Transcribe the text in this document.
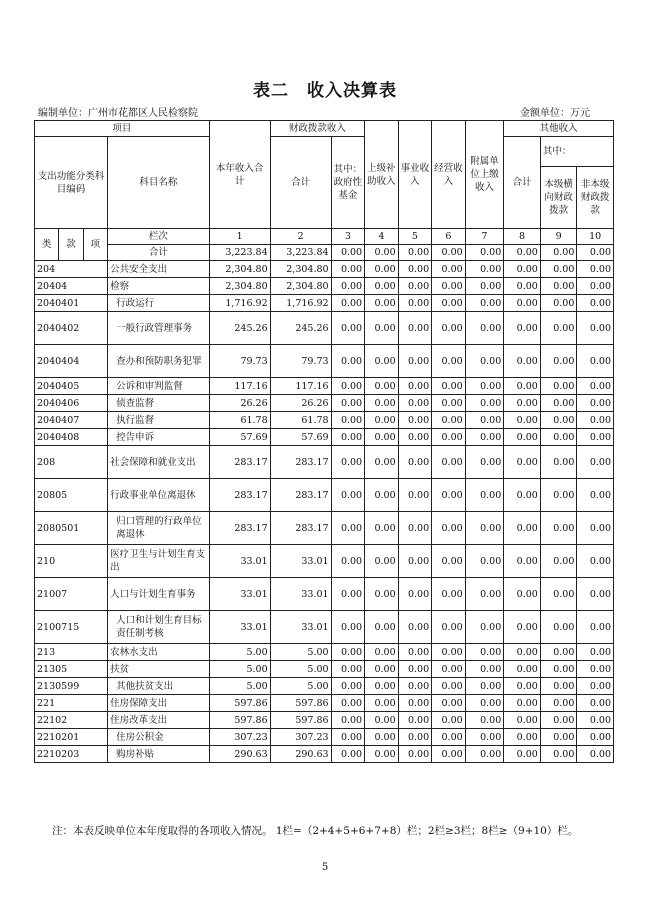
表二　收入决算表
编制单位：广州市花都区人民检察院	金额单位：万元
项目				本年收入合计	财政拨款收入		上级补助收入	事业收入	经营收入	附属单位上缴收入	其他收入		
支出功能分类科目编码			科目名称		合计	其中：政府性基金					合计	其中：	
												本级横向财政拨款	非本级财政拨款
类	款	项	栏次	1	2	3	4	5	6	7	8	9	10
			合计	3,223.84	3,223.84	0.00	0.00	0.00	0.00	0.00	0.00	0.00	0.00
204			公共安全支出	2,304.80	2,304.80	0.00	0.00	0.00	0.00	0.00	0.00	0.00	0.00
20404			检察	2,304.80	2,304.80	0.00	0.00	0.00	0.00	0.00	0.00	0.00	0.00
2040401			行政运行	1,716.92	1,716.92	0.00	0.00	0.00	0.00	0.00	0.00	0.00	0.00
2040402			一般行政管理事务	245.26	245.26	0.00	0.00	0.00	0.00	0.00	0.00	0.00	0.00
2040404			查办和预防职务犯罪	79.73	79.73	0.00	0.00	0.00	0.00	0.00	0.00	0.00	0.00
2040405			公诉和审判监督	117.16	117.16	0.00	0.00	0.00	0.00	0.00	0.00	0.00	0.00
2040406			侦查监督	26.26	26.26	0.00	0.00	0.00	0.00	0.00	0.00	0.00	0.00
2040407			执行监督	61.78	61.78	0.00	0.00	0.00	0.00	0.00	0.00	0.00	0.00
2040408			控告申诉	57.69	57.69	0.00	0.00	0.00	0.00	0.00	0.00	0.00	0.00
208			社会保障和就业支出	283.17	283.17	0.00	0.00	0.00	0.00	0.00	0.00	0.00	0.00
20805			行政事业单位离退休	283.17	283.17	0.00	0.00	0.00	0.00	0.00	0.00	0.00	0.00
2080501			归口管理的行政单位离退休	283.17	283.17	0.00	0.00	0.00	0.00	0.00	0.00	0.00	0.00
210			医疗卫生与计划生育支出	33.01	33.01	0.00	0.00	0.00	0.00	0.00	0.00	0.00	0.00
21007			人口与计划生育事务	33.01	33.01	0.00	0.00	0.00	0.00	0.00	0.00	0.00	0.00
2100715			人口和计划生育目标责任制考核	33.01	33.01	0.00	0.00	0.00	0.00	0.00	0.00	0.00	0.00
213			农林水支出	5.00	5.00	0.00	0.00	0.00	0.00	0.00	0.00	0.00	0.00
21305			扶贫	5.00	5.00	0.00	0.00	0.00	0.00	0.00	0.00	0.00	0.00
2130599			其他扶贫支出	5.00	5.00	0.00	0.00	0.00	0.00	0.00	0.00	0.00	0.00
221			住房保障支出	597.86	597.86	0.00	0.00	0.00	0.00	0.00	0.00	0.00	0.00
22102			住房改革支出	597.86	597.86	0.00	0.00	0.00	0.00	0.00	0.00	0.00	0.00
2210201			住房公积金	307.23	307.23	0.00	0.00	0.00	0.00	0.00	0.00	0.00	0.00
2210203			购房补贴	290.63	290.63	0.00	0.00	0.00	0.00	0.00	0.00	0.00	0.00
注：本表反映单位本年度取得的各项收入情况。 1栏=（2+4+5+6+7+8）栏；2栏≥3栏；8栏≥（9+10）栏。
5
